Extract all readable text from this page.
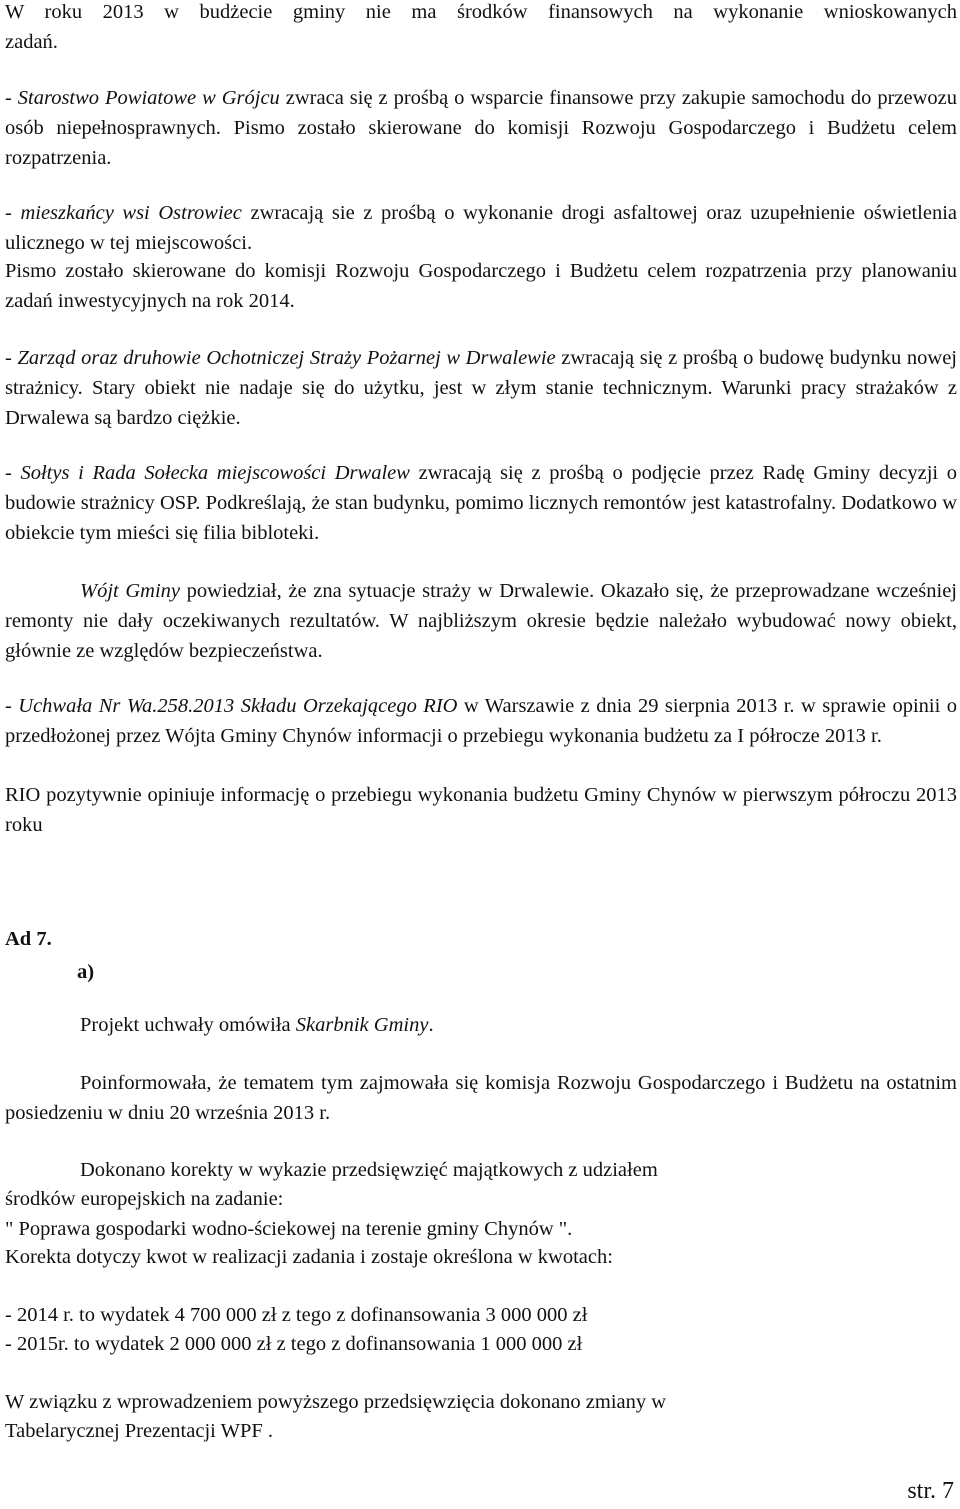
W roku 2013 w budżecie gminy nie ma środków finansowych na wykonanie wnioskowanych
zadań.

- Starostwo Powiatowe w Grójcu zwraca się z prośbą o wsparcie finansowe przy zakupie samochodu do przewozu osób niepełnosprawnych. Pismo zostało skierowane do komisji Rozwoju Gospodarczego i Budżetu celem rozpatrzenia.

- mieszkańcy wsi Ostrowiec zwracają sie z prośbą o wykonanie drogi asfaltowej oraz uzupełnienie oświetlenia ulicznego w tej miejscowości.

Pismo zostało skierowane do komisji Rozwoju Gospodarczego i Budżetu celem rozpatrzenia przy planowaniu zadań inwestycyjnych na rok 2014.

- Zarząd oraz druhowie Ochotniczej Straży Pożarnej w Drwalewie zwracają się z prośbą o budowę budynku nowej strażnicy. Stary obiekt nie nadaje się do użytku, jest w złym stanie technicznym. Warunki pracy strażaków z Drwalewa są bardzo ciężkie.

- Sołtys i Rada Sołecka miejscowości Drwalew zwracają się z prośbą o podjęcie przez Radę Gminy decyzji o budowie strażnicy OSP. Podkreślają, że stan budynku, pomimo licznych remontów jest katastrofalny. Dodatkowo w obiekcie tym mieści się filia bibloteki.

Wójt Gminy powiedział, że zna sytuacje straży w Drwalewie. Okazało się, że przeprowadzane wcześniej remonty nie dały oczekiwanych rezultatów. W najbliższym okresie będzie należało wybudować nowy obiekt, głównie ze względów bezpieczeństwa.

- Uchwała Nr Wa.258.2013 Składu Orzekającego RIO w Warszawie z dnia 29 sierpnia 2013 r. w sprawie opinii o przedłożonej przez Wójta Gminy Chynów informacji o przebiegu wykonania budżetu za I półrocze 2013 r.

RIO pozytywnie opiniuje informację o przebiegu wykonania budżetu Gminy Chynów w pierwszym półroczu 2013 roku

Ad 7.
a)

Projekt uchwały omówiła Skarbnik Gminy.

Poinformowała, że tematem tym zajmowała się komisja Rozwoju Gospodarczego i Budżetu na ostatnim posiedzeniu w dniu 20 września 2013 r.

Dokonano korekty w wykazie przedsięwzięć majątkowych z udziałem
środków europejskich na zadanie:
" Poprawa gospodarki wodno-ściekowej na terenie gminy Chynów ".
Korekta dotyczy kwot w realizacji zadania i zostaje określona w kwotach:
- 2014 r. to wydatek 4 700 000 zł z tego z dofinansowania 3 000 000 zł
- 2015r. to wydatek 2 000 000 zł z tego z dofinansowania 1 000 000 zł
W związku z wprowadzeniem powyższego przedsięwzięcia dokonano zmiany w
Tabelarycznej Prezentacji WPF .
str. 7
